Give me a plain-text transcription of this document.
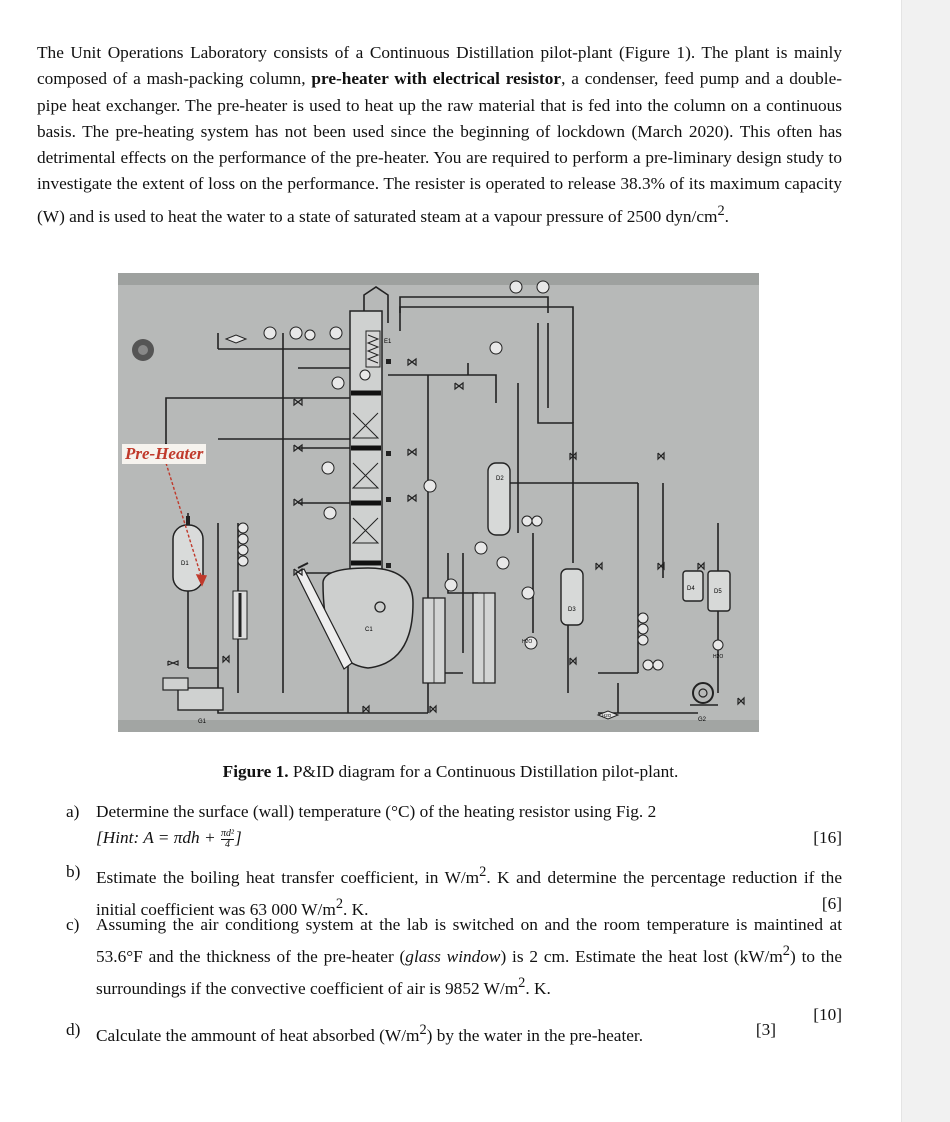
The Unit Operations Laboratory consists of a Continuous Distillation pilot-plant (Figure 1). The plant is mainly composed of a mash-packing column, pre-heater with electrical resistor, a condenser, feed pump and a double-pipe heat exchanger. The pre-heater is used to heat up the raw material that is fed into the column on a continuous basis. The pre-heating system has not been used since the beginning of lockdown (March 2020). This often has detrimental effects on the performance of the pre-heater. You are required to perform a pre-liminary design study to investigate the extent of loss on the performance. The resister is operated to release 38.3% of its maximum capacity (W) and is used to heat the water to a state of saturated steam at a vapour pressure of 2500 dyn/$cm^2$.
E1
C1
D2
D3
D4	D5
D1
G1	G2
H2O
H2O
H2O
Pre-Heater
Figure 1. P&ID diagram for a Continuous Distillation pilot-plant.
a) Determine the surface (wall) temperature (°C) of the heating resistor using Fig. 2
[Hint: $A = \pi dh + \frac{\text{πd²}}{4}$ ]	[16]
b) Estimate the boiling heat transfer coefficient, in $W/m^2$. K and determine the percentage reduction if the initial coefficient was 63 000 $W/m^2$. K.	[6]
c) Assuming the air conditiong system at the lab is switched on and the room temperature is maintined at 53.6°F and the thickness of the pre-heater (glass window) is 2 cm. Estimate the heat lost $(kW/m^2)$ to the surroundings if the convective coefficient of air is 9852 $W/m^2$. K.
[10]
d) Calculate the ammount of heat absorbed $(W/m^2)$ by the water in the pre-heater.	[3]
